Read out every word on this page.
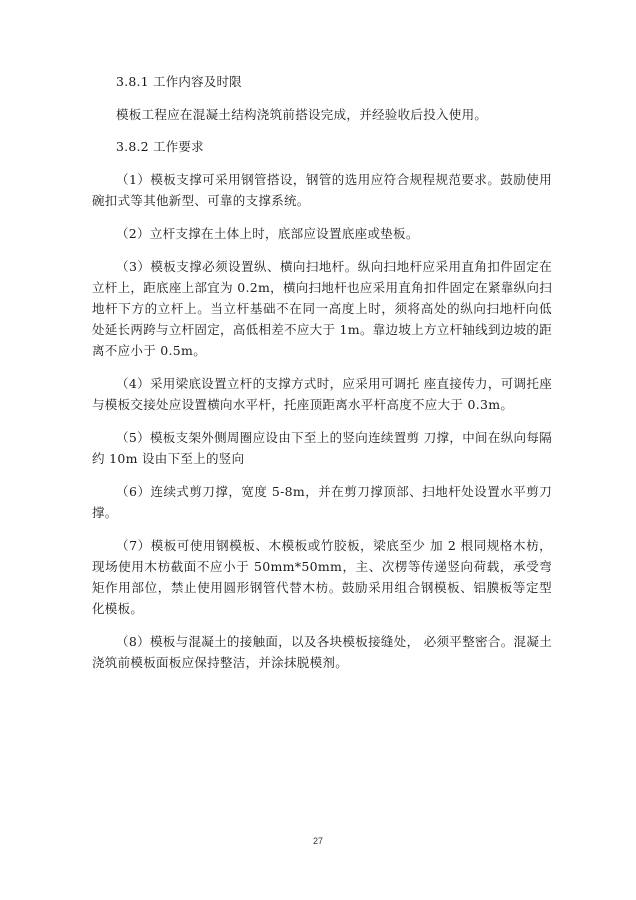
3.8.1 工作内容及时限

模板工程应在混凝土结构浇筑前搭设完成，并经验收后投入使用。

3.8.2 工作要求

（1）模板支撑可采用钢管搭设，钢管的选用应符合规程规范要求。鼓励使用碗扣式等其他新型、可靠的支撑系统。

（2）立杆支撑在土体上时，底部应设置底座或垫板。

（3）模板支撑必须设置纵、横向扫地杆。纵向扫地杆应采用直角扣件固定在立杆上，距底座上部宜为 0.2m，横向扫地杆也应采用直角扣件固定在紧靠纵向扫地杆下方的立杆上。当立杆基础不在同一高度上时，须将高处的纵向扫地杆向低处延长两跨与立杆固定，高低相差不应大于 1m。靠边坡上方立杆轴线到边坡的距离不应小于 0.5m。

（4）采用梁底设置立杆的支撑方式时，应采用可调托 座直接传力，可调托座与模板交接处应设置横向水平杆，托座顶距离水平杆高度不应大于 0.3m。

（5）模板支架外侧周圈应设由下至上的竖向连续置剪 刀撑，中间在纵向每隔约 10m 设由下至上的竖向

（6）连续式剪刀撑，宽度 5-8m，并在剪刀撑顶部、扫地杆处设置水平剪刀撑。

（7）模板可使用钢模板、木模板或竹胶板，梁底至少 加 2 根同规格木枋，现场使用木枋截面不应小于 50mm*50mm，主、次楞等传递竖向荷载，承受弯矩作用部位，禁止使用圆形钢管代替木枋。鼓励采用组合钢模板、铝膜板等定型化模板。

（8）模板与混凝土的接触面，以及各块模板接缝处， 必须平整密合。混凝土浇筑前模板面板应保持整洁，并涂抹脱模剂。

27
